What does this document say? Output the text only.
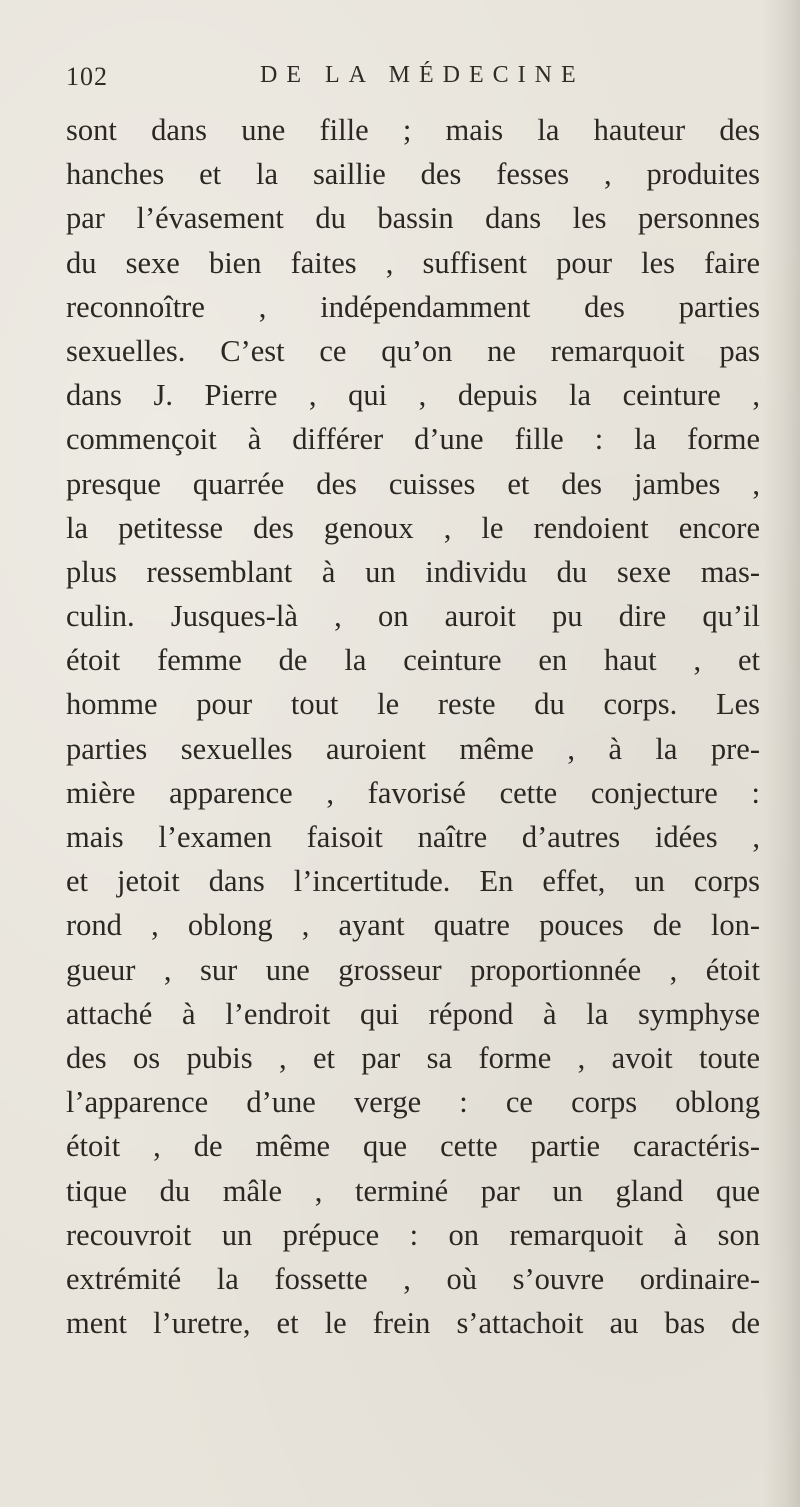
102	DE LA MÉDECINE
sont dans une fille ; mais la hauteur des
hanches et la saillie des fesses , produites
par l’évasement du bassin dans les personnes
du sexe bien faites , suffisent pour les faire
reconnoître , indépendamment des parties
sexuelles. C’est ce qu’on ne remarquoit pas
dans J. Pierre , qui , depuis la ceinture ,
commençoit à différer d’une fille : la forme
presque quarrée des cuisses et des jambes ,
la petitesse des genoux , le rendoient encore
plus ressemblant à un individu du sexe mas-
culin. Jusques-là , on auroit pu dire qu’il
étoit femme de la ceinture en haut , et
homme pour tout le reste du corps. Les
parties sexuelles auroient même , à la pre-
mière apparence , favorisé cette conjecture :
mais l’examen faisoit naître d’autres idées ,
et jetoit dans l’incertitude. En effet, un corps
rond , oblong , ayant quatre pouces de lon-
gueur , sur une grosseur proportionnée , étoit
attaché à l’endroit qui répond à la symphyse
des os pubis , et par sa forme , avoit toute
l’apparence d’une verge : ce corps oblong
étoit , de même que cette partie caractéris-
tique du mâle , terminé par un gland que
recouvroit un prépuce : on remarquoit à son
extrémité la fossette , où s’ouvre ordinaire-
ment l’uretre, et le frein s’attachoit au bas de
